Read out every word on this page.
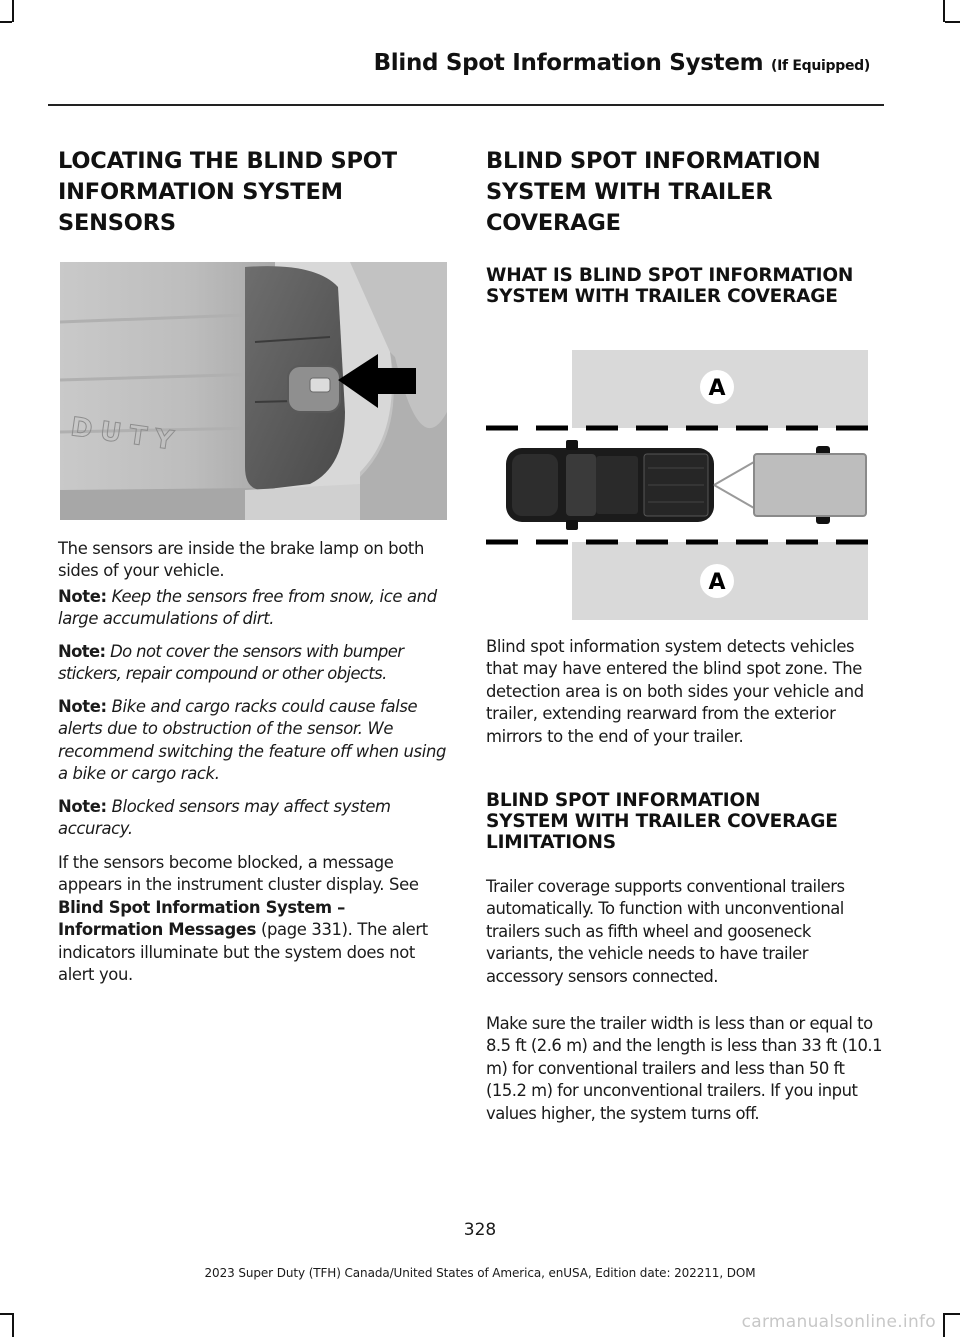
Blind Spot Information System (If Equipped)
LOCATING THE BLIND SPOT
INFORMATION SYSTEM
SENSORS
DUTY

The sensors are inside the brake lamp on both sides of your vehicle.

Note: Keep the sensors free from snow, ice and large accumulations of dirt.

Note: Do not cover the sensors with bumper stickers, repair compound or other objects.

Note: Bike and cargo racks could cause false alerts due to obstruction of the sensor. We recommend switching the feature off when using a bike or cargo rack.

Note: Blocked sensors may affect system accuracy.

If the sensors become blocked, a message appears in the instrument cluster display. See Blind Spot Information System – Information Messages (page 331). The alert indicators illuminate but the system does not alert you.

BLIND SPOT INFORMATION
SYSTEM WITH TRAILER
COVERAGE
WHAT IS BLIND SPOT INFORMATION SYSTEM WITH TRAILER COVERAGE
A
A

Blind spot information system detects vehicles that may have entered the blind spot zone. The detection area is on both sides your vehicle and trailer, extending rearward from the exterior mirrors to the end of your trailer.

BLIND SPOT INFORMATION SYSTEM WITH TRAILER COVERAGE LIMITATIONS

Trailer coverage supports conventional trailers automatically. To function with unconventional trailers such as fifth wheel and gooseneck variants, the vehicle needs to have trailer accessory sensors connected.

Make sure the trailer width is less than or equal to 8.5 ft (2.6 m) and the length is less than 33 ft (10.1 m) for conventional trailers and less than 50 ft (15.2 m) for unconventional trailers. If you input values higher, the system turns off.

328
2023 Super Duty (TFH) Canada/United States of America, enUSA, Edition date: 202211, DOM
carmanualsonline.info
